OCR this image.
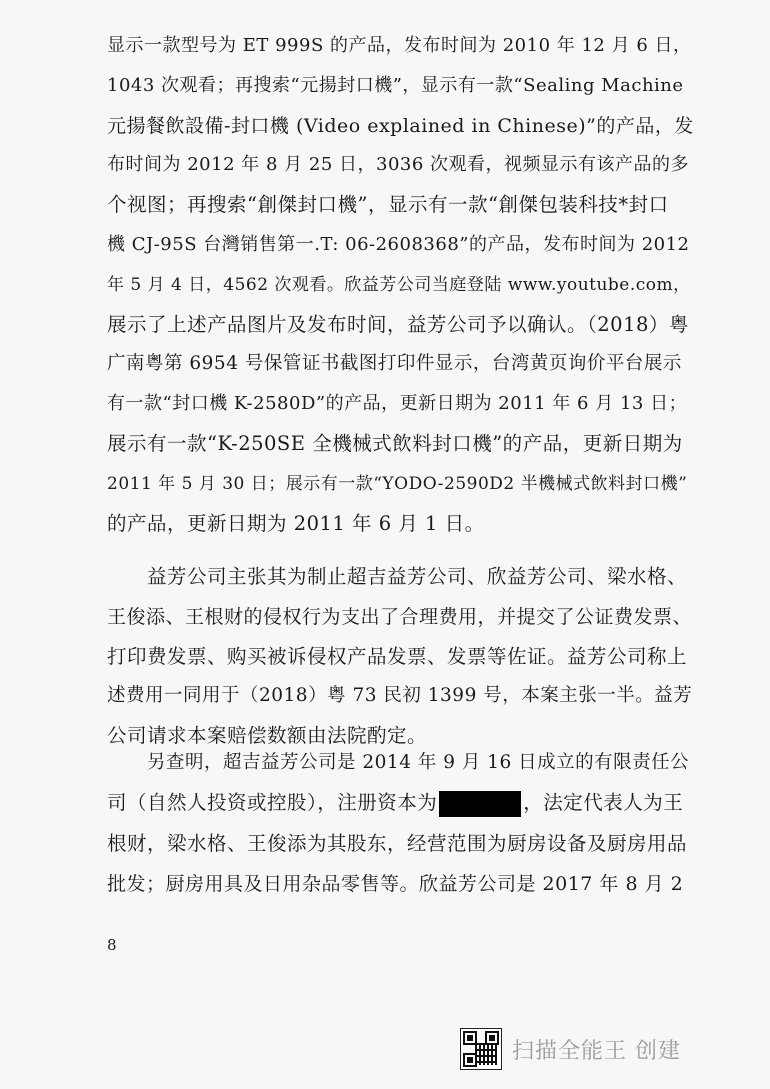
显示一款型号为 ET 999S 的产品，发布时间为 2010 年 12 月 6 日，
1043 次观看；再搜索“元揚封口機”，显示有一款“Sealing Machine
元揚餐飲設備-封口機 (Video explained in Chinese)”的产品，发
布时间为 2012 年 8 月 25 日，3036 次观看，视频显示有该产品的多
个视图；再搜索“創傑封口機”，显示有一款“創傑包装科技*封口
機 CJ-95S 台灣销售第一.T: 06-2608368”的产品，发布时间为 2012
年 5 月 4 日，4562 次观看。欣益芳公司当庭登陆 www.youtube.com，
展示了上述产品图片及发布时间，益芳公司予以确认。（2018）粤
广南粤第 6954 号保管证书截图打印件显示，台湾黄页询价平台展示
有一款“封口機 K-2580D”的产品，更新日期为 2011 年 6 月 13 日；
展示有一款“K-250SE 全機械式飲料封口機”的产品，更新日期为
2011 年 5 月 30 日；展示有一款“YODO-2590D2 半機械式飲料封口機”
的产品，更新日期为 2011 年 6 月 1 日。
益芳公司主张其为制止超吉益芳公司、欣益芳公司、梁水格、
王俊添、王根财的侵权行为支出了合理费用，并提交了公证费发票、
打印费发票、购买被诉侵权产品发票、发票等佐证。益芳公司称上
述费用一同用于（2018）粤 73 民初 1399 号，本案主张一半。益芳
公司请求本案赔偿数额由法院酌定。
另查明，超吉益芳公司是 2014 年 9 月 16 日成立的有限责任公
司（自然人投资或控股），注册资本为	，法定代表人为王
根财，梁水格、王俊添为其股东，经营范围为厨房设备及厨房用品
批发；厨房用具及日用杂品零售等。欣益芳公司是 2017 年 8 月 2
8
扫描全能王 创建
